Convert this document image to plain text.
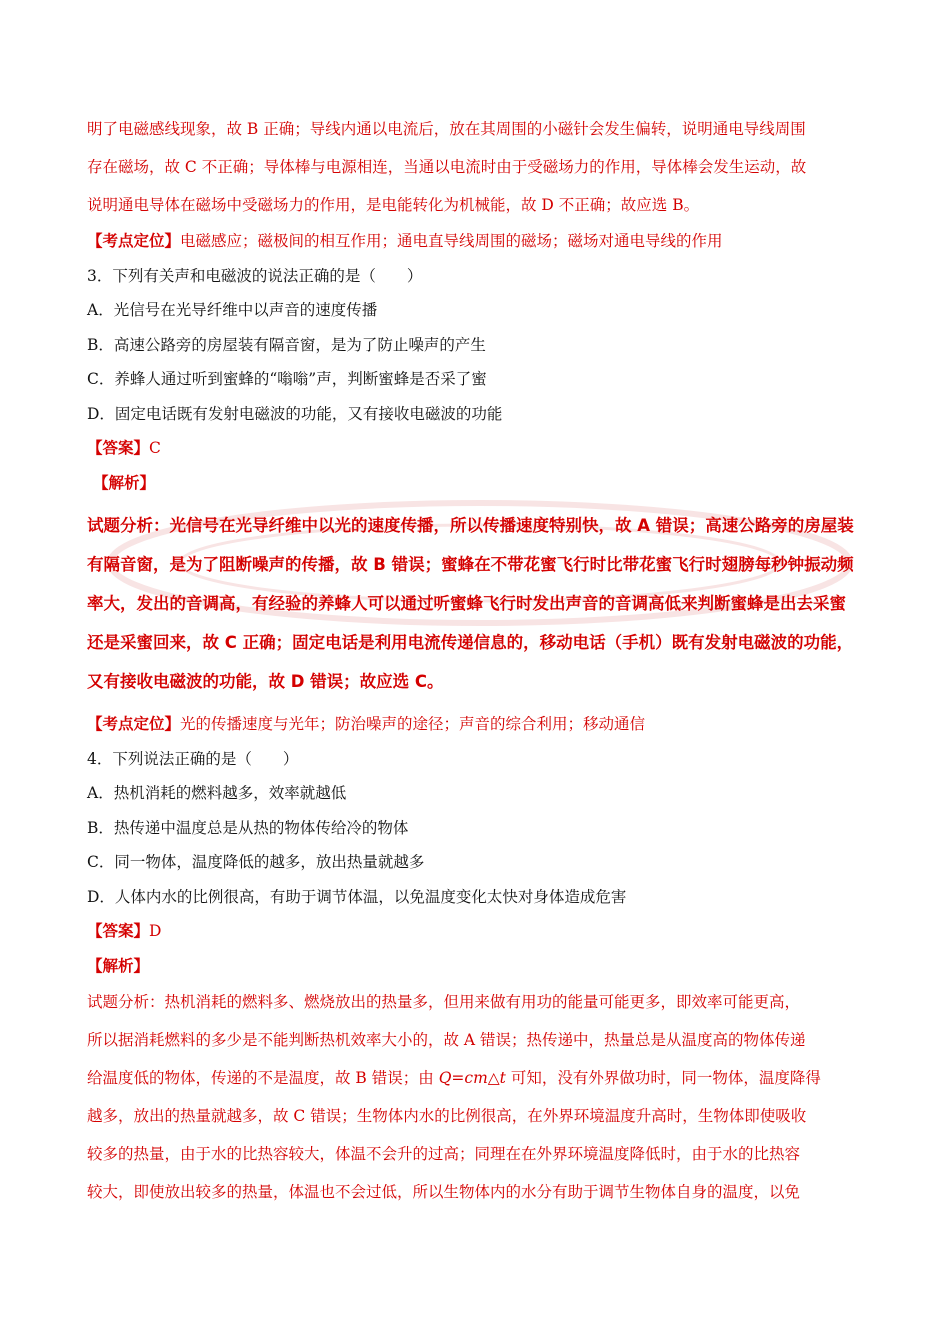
明了电磁感线现象，故 B 正确；导线内通以电流后，放在其周围的小磁针会发生偏转，说明通电导线周围

存在磁场，故 C 不正确；导体棒与电源相连，当通以电流时由于受磁场力的作用，导体棒会发生运动，故

说明通电导体在磁场中受磁场力的作用，是电能转化为机械能，故 D 不正确；故应选 B。

【考点定位】电磁感应；磁极间的相互作用；通电直导线周围的磁场；磁场对通电导线的作用

3．下列有关声和电磁波的说法正确的是（　　）

A．光信号在光导纤维中以声音的速度传播

B．高速公路旁的房屋装有隔音窗，是为了防止噪声的产生

C．养蜂人通过听到蜜蜂的“嗡嗡”声，判断蜜蜂是否采了蜜

D．固定电话既有发射电磁波的功能，又有接收电磁波的功能

【答案】C

【解析】

试题分析：光信号在光导纤维中以光的速度传播，所以传播速度特别快，故 A 错误；高速公路旁的房屋装

有隔音窗，是为了阻断噪声的传播，故 B 错误；蜜蜂在不带花蜜飞行时比带花蜜飞行时翅膀每秒钟振动频

率大，发出的音调高，有经验的养蜂人可以通过听蜜蜂飞行时发出声音的音调高低来判断蜜蜂是出去采蜜

还是采蜜回来，故 C 正确；固定电话是利用电流传递信息的，移动电话（手机）既有发射电磁波的功能，

又有接收电磁波的功能，故 D 错误；故应选 C。

【考点定位】光的传播速度与光年；防治噪声的途径；声音的综合利用；移动通信

4．下列说法正确的是（　　）

A．热机消耗的燃料越多，效率就越低

B．热传递中温度总是从热的物体传给冷的物体

C．同一物体，温度降低的越多，放出热量就越多

D．人体内水的比例很高，有助于调节体温，以免温度变化太快对身体造成危害

【答案】D

【解析】

试题分析：热机消耗的燃料多、燃烧放出的热量多，但用来做有用功的能量可能更多，即效率可能更高，

所以据消耗燃料的多少是不能判断热机效率大小的，故 A 错误；热传递中，热量总是从温度高的物体传递

给温度低的物体，传递的不是温度，故 B 错误；由 Q=cm△t 可知，没有外界做功时，同一物体，温度降得

越多，放出的热量就越多，故 C 错误；生物体内水的比例很高，在外界环境温度升高时，生物体即使吸收

较多的热量，由于水的比热容较大，体温不会升的过高；同理在在外界环境温度降低时，由于水的比热容

较大，即使放出较多的热量，体温也不会过低，所以生物体内的水分有助于调节生物体自身的温度，以免
